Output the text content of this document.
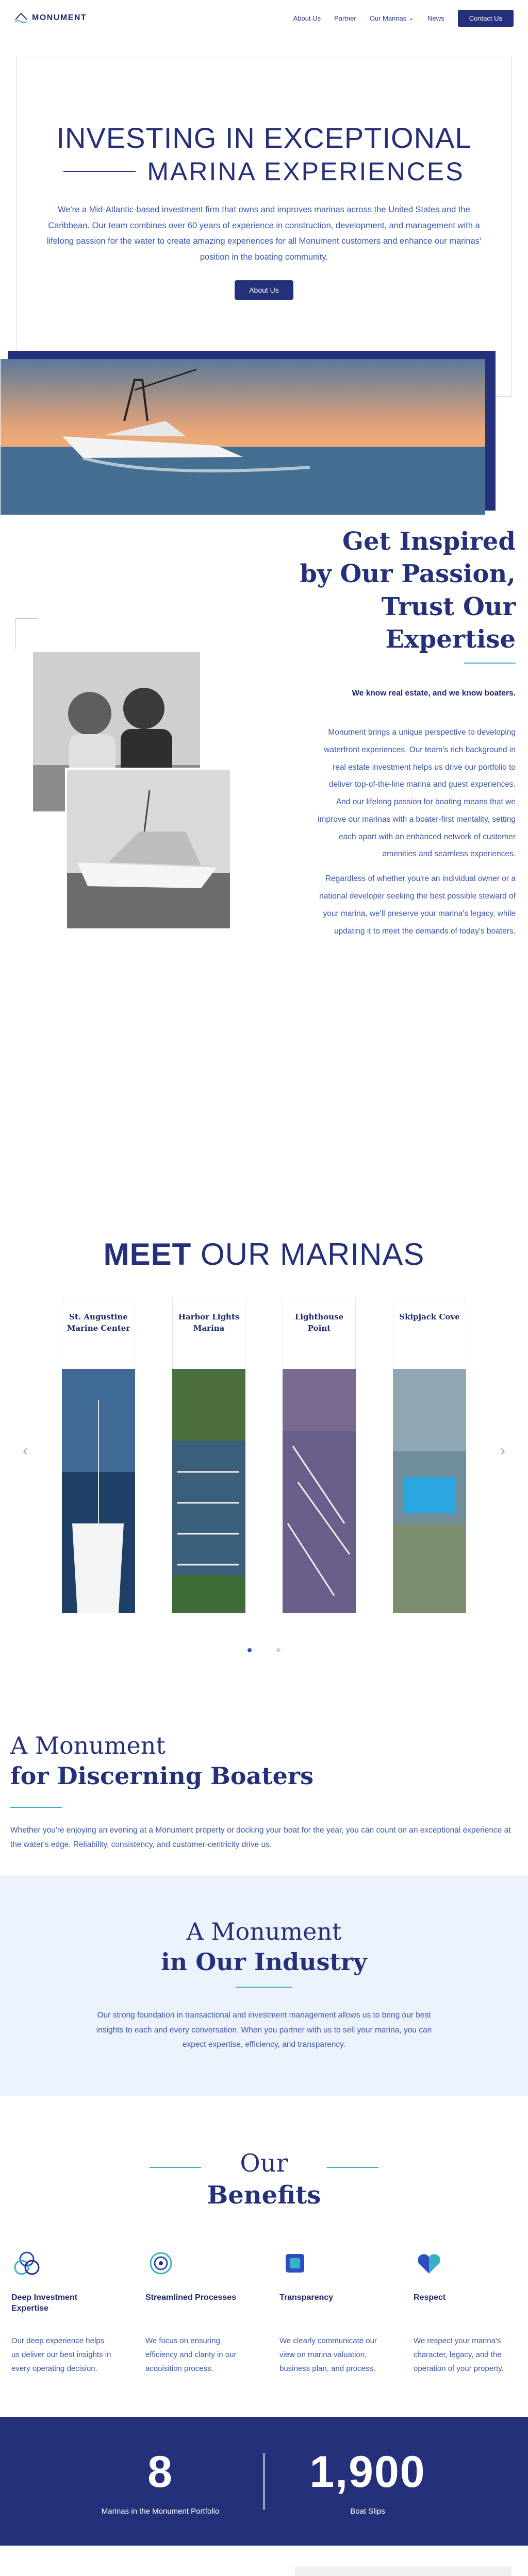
MONUMENT	About Us Partner Our Marinas ⌄ News	Contact Us
INVESTING IN EXCEPTIONAL
MARINA EXPERIENCES

We're a Mid-Atlantic-based investment firm that owns and improves marinas across the United States and the Caribbean. Our team combines over 60 years of experience in construction, development, and management with a lifelong passion for the water to create amazing experiences for all Monument customers and enhance our marinas' position in the boating community.

About Us
Get Inspired
by Our Passion,
Trust Our
Expertise
We know real estate, and we know boaters.

Monument brings a unique perspective to developing waterfront experiences. Our team's rich background in real estate investment helps us drive our portfolio to deliver top-of-the-line marina and guest experiences. And our lifelong passion for boating means that we improve our marinas with a boater-first mentality, setting each apart with an enhanced network of customer amenities and seamless experiences.

Regardless of whether you're an individual owner or a national developer seeking the best possible steward of your marina, we'll preserve your marina's legacy, while updating it to meet the demands of today's boaters.

MEET OUR MARINAS
‹	›
St. Augustine Marine Center
Harbor Lights Marina
Lighthouse Point
Skipjack Cove
A Monument
for Discerning Boaters

Whether you're enjoying an evening at a Monument property or docking your boat for the year, you can count on an exceptional experience at the water's edge. Reliability, consistency, and customer-centricity drive us.

A Monument
in Our Industry

Our strong foundation in transactional and investment management allows us to bring our best insights to each and every conversation. When you partner with us to sell your marina, you can expect expertise, efficiency, and transparency.

Our
Benefits
Deep Investment Expertise

Our deep experience helps us deliver our best insights in every operating decision.

Streamlined Processes

We focus on ensuring efficiency and clarity in our acquisition process.

Transparency

We clearly communicate our view on marina valuation, business plan, and process.

Respect

We respect your marina's character, legacy, and the operation of your property.

8
Marinas in the Monument Portfolio
1,900
Boat Slips
